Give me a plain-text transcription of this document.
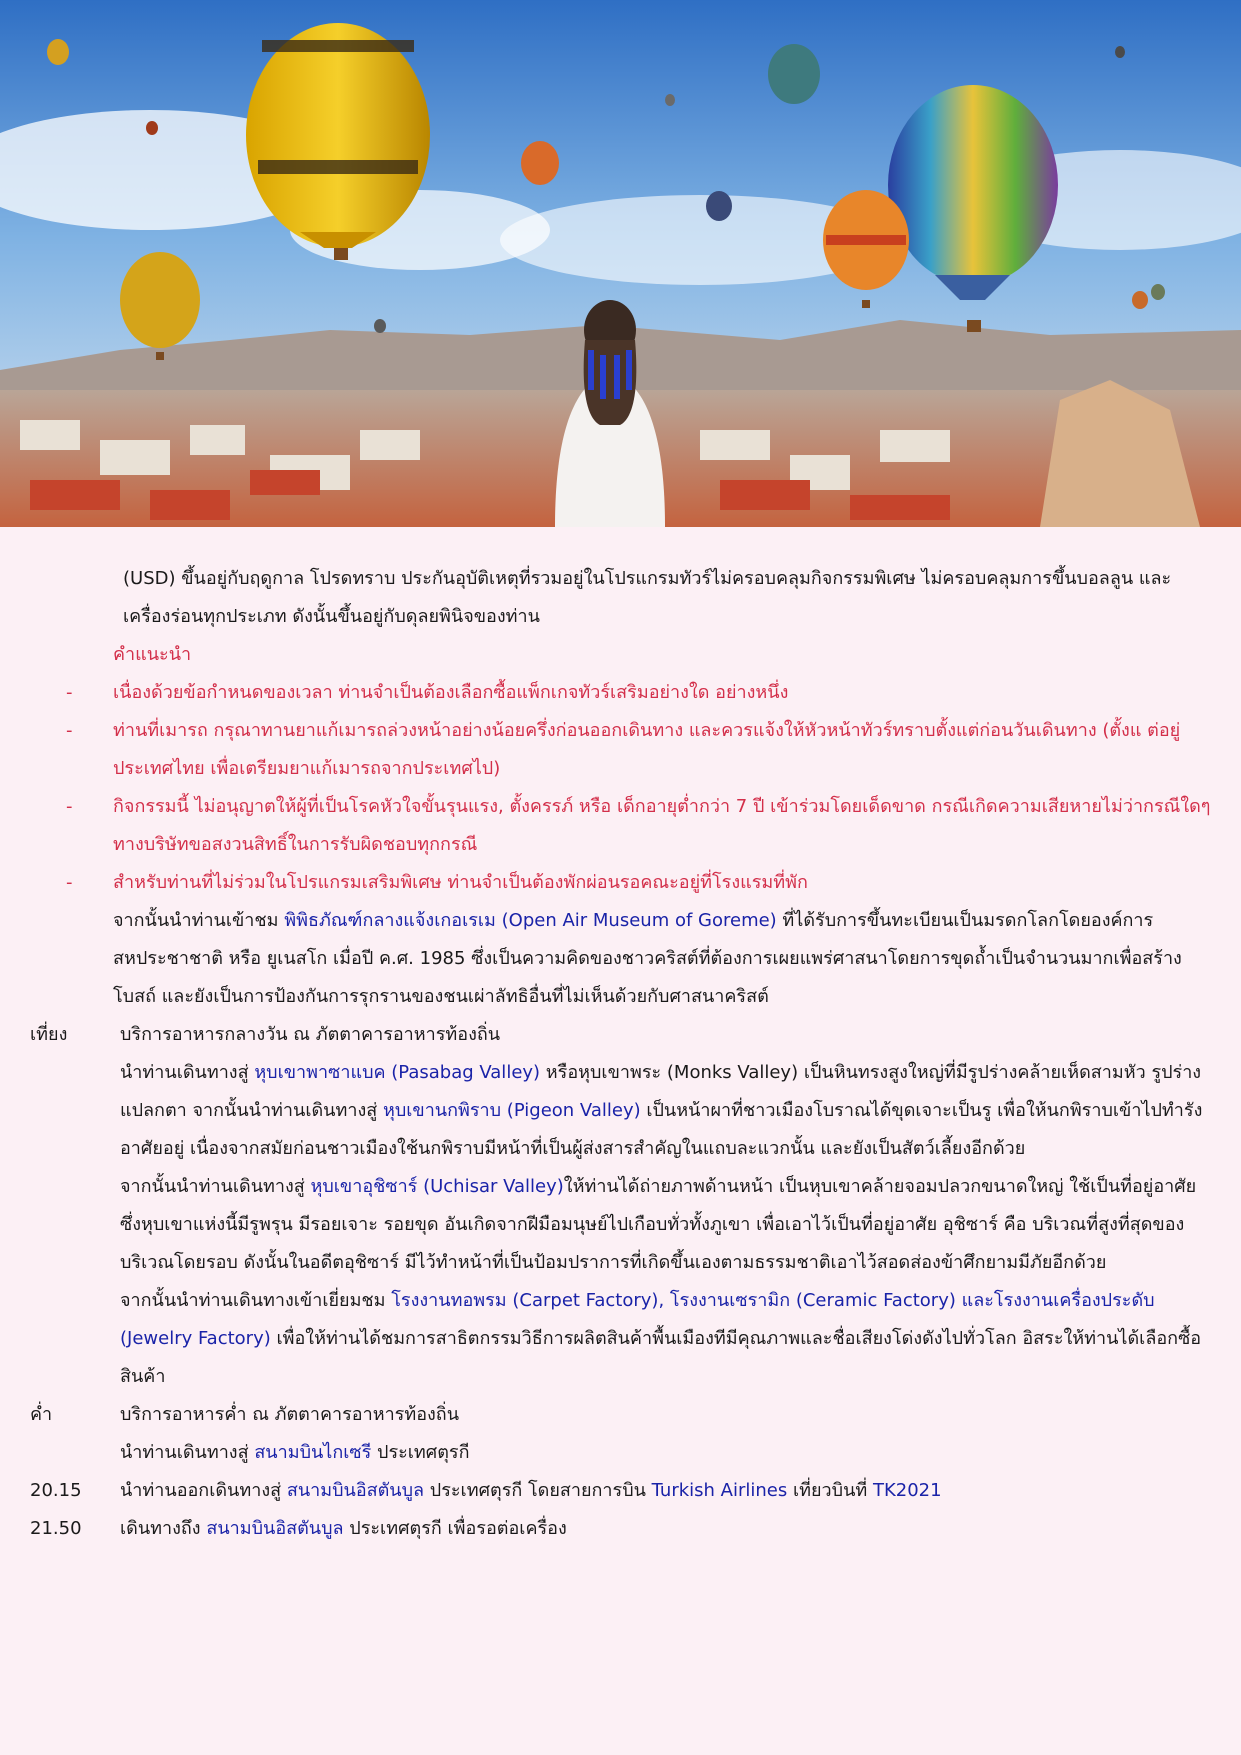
(USD) ขึ้นอยู่กับฤดูกาล โปรดทราบ ประกันอุบัติเหตุที่รวมอยู่ในโปรแกรมทัวร์ไม่ครอบคลุมกิจกรรมพิเศษ ไม่ครอบคลุมการขึ้นบอลลูน และเครื่องร่อนทุกประเภท ดังนั้นขึ้นอยู่กับดุลยพินิจของท่าน

คำแนะนำ

- เนื่องด้วยข้อกำหนดของเวลา ท่านจำเป็นต้องเลือกซื้อแพ็กเกจทัวร์เสริมอย่างใด อย่างหนึ่ง

- ท่านที่เมารถ กรุณาทานยาแก้เมารถล่วงหน้าอย่างน้อยครึ่งก่อนออกเดินทาง และควรแจ้งให้หัวหน้าทัวร์ทราบตั้งแต่ก่อนวันเดินทาง (ตั้งแ ต่อยู่ประเทศไทย เพื่อเตรียมยาแก้เมารถจากประเทศไป)

- กิจกรรมนี้ ไม่อนุญาตให้ผู้ที่เป็นโรคหัวใจขั้นรุนแรง, ตั้งครรภ์ หรือ เด็กอายุต่ำกว่า 7 ปี เข้าร่วมโดยเด็ดขาด กรณีเกิดความเสียหายไม่ว่ากรณีใดๆ ทางบริษัทขอสงวนสิทธิ์ในการรับผิดชอบทุกกรณี

- สำหรับท่านที่ไม่ร่วมในโปรแกรมเสริมพิเศษ ท่านจำเป็นต้องพักผ่อนรอคณะอยู่ที่โรงแรมที่พัก

จากนั้นนำท่านเข้าชม พิพิธภัณฑ์กลางแจ้งเกอเรเม (Open Air Museum of Goreme) ที่ได้รับการขึ้นทะเบียนเป็นมรดกโลกโดยองค์การสหประชาชาติ หรือ ยูเนสโก เมื่อปี ค.ศ. 1985 ซึ่งเป็นความคิดของชาวคริสต์ที่ต้องการเผยแพร่ศาสนาโดยการขุดถ้ำเป็นจำนวนมากเพื่อสร้างโบสถ์ และยังเป็นการป้องกันการรุกรานของชนเผ่าลัทธิอื่นที่ไม่เห็นด้วยกับศาสนาคริสต์

เที่ยง	บริการอาหารกลางวัน ณ ภัตตาคารอาหารท้องถิ่น

นำท่านเดินทางสู่ หุบเขาพาซาแบค (Pasabag Valley) หรือหุบเขาพระ (Monks Valley) เป็นหินทรงสูงใหญ่ที่มีรูปร่างคล้ายเห็ดสามหัว รูปร่างแปลกตา จากนั้นนำท่านเดินทางสู่ หุบเขานกพิราบ (Pigeon Valley) เป็นหน้าผาที่ชาวเมืองโบราณได้ขุดเจาะเป็นรู เพื่อให้นกพิราบเข้าไปทำรังอาศัยอยู่ เนื่องจากสมัยก่อนชาวเมืองใช้นกพิราบมีหน้าที่เป็นผู้ส่งสารสำคัญในแถบละแวกนั้น และยังเป็นสัตว์เลี้ยงอีกด้วย

จากนั้นนำท่านเดินทางสู่ หุบเขาอุชิซาร์ (Uchisar Valley)ให้ท่านได้ถ่ายภาพด้านหน้า เป็นหุบเขาคล้ายจอมปลวกขนาดใหญ่ ใช้เป็นที่อยู่อาศัย ซึ่งหุบเขาแห่งนี้มีรูพรุน มีรอยเจาะ รอยขุด อันเกิดจากฝีมือมนุษย์ไปเกือบทั่วทั้งภูเขา เพื่อเอาไว้เป็นที่อยู่อาศัย อุชิซาร์ คือ บริเวณที่สูงที่สุดของบริเวณโดยรอบ ดังนั้นในอดีตอุชิซาร์ มีไว้ทำหน้าที่เป็นป้อมปราการที่เกิดขึ้นเองตามธรรมชาติเอาไว้สอดส่องข้าศึกยามมีภัยอีกด้วย

จากนั้นนำท่านเดินทางเข้าเยี่ยมชม โรงงานทอพรม (Carpet Factory), โรงงานเซรามิก (Ceramic Factory) และโรงงานเครื่องประดับ (Jewelry Factory) เพื่อให้ท่านได้ชมการสาธิตกรรมวิธีการผลิตสินค้าพื้นเมืองทีมีคุณภาพและชื่อเสียงโด่งดังไปทั่วโลก อิสระให้ท่านได้เลือกซื้อสินค้า

ค่ำ	บริการอาหารค่ำ ณ ภัตตาคารอาหารท้องถิ่น

นำท่านเดินทางสู่ สนามบินไกเซรี ประเทศตุรกี

20.15 นำท่านออกเดินทางสู่ สนามบินอิสตันบูล ประเทศตุรกี โดยสายการบิน Turkish Airlines เที่ยวบินที่ TK2021

21.50 เดินทางถึง สนามบินอิสตันบูล ประเทศตุรกี เพื่อรอต่อเครื่อง
